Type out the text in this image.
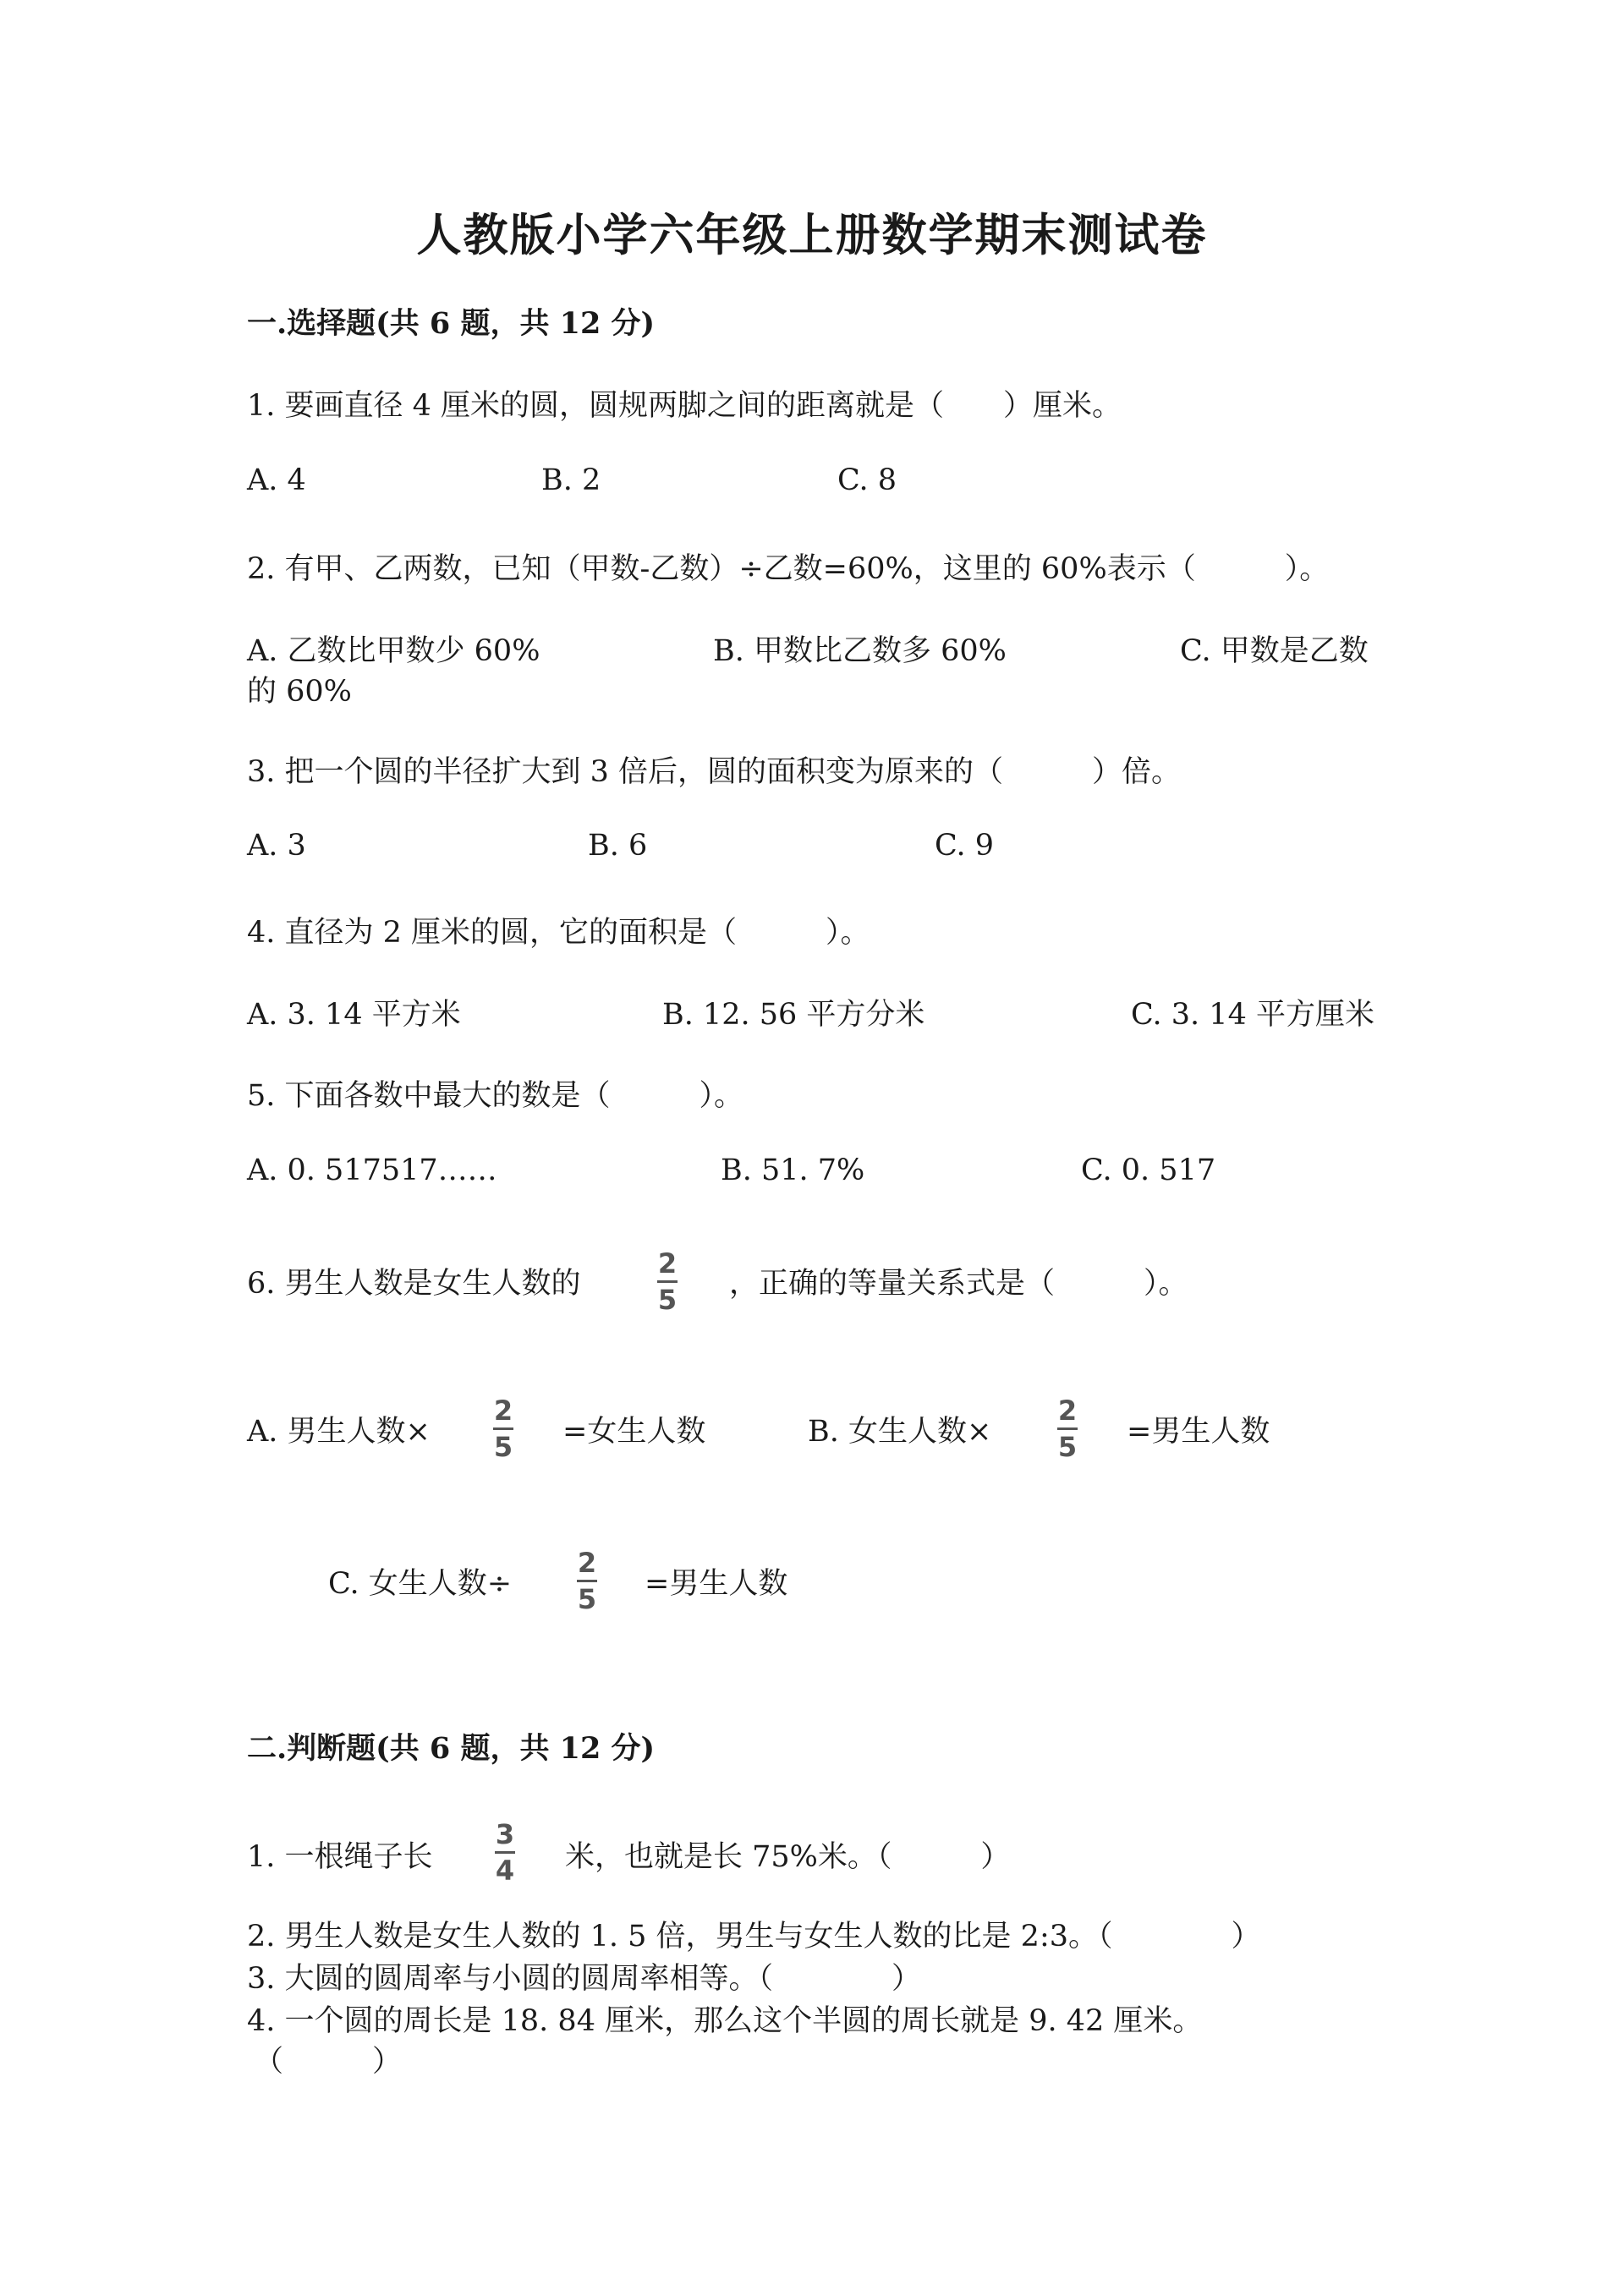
人教版小学六年级上册数学期末测试卷
一.选择题(共 6 题，共 12 分)
1. 要画直径 4 厘米的圆，圆规两脚之间的距离就是（　　）厘米。
A. 4	B. 2	C. 8
2. 有甲、乙两数，已知（甲数-乙数）÷乙数=60%，这里的 60%表示（　　　）。
A. 乙数比甲数少 60%	B. 甲数比乙数多 60%	C. 甲数是乙数
的 60%
3. 把一个圆的半径扩大到 3 倍后，圆的面积变为原来的（　　　）倍。
A. 3	B. 6	C. 9
4. 直径为 2 厘米的圆，它的面积是（　　　）。
A. 3. 14 平方米	B. 12. 56 平方分米	C. 3. 14 平方厘米
5. 下面各数中最大的数是（　　　）。
A. 0. 517517……	B. 51. 7%	C. 0. 517
6. 男生人数是女生人数的
2
5 ，正确的等量关系式是（　　　）。
A. 男生人数×
2
5 =女生人数	B. 女生人数×
2
5 =男生人数
C. 女生人数÷
2
5 =男生人数
二.判断题(共 6 题，共 12 分)
1. 一根绳子长
3
4 米，也就是长 75%米。（　　　）
2. 男生人数是女生人数的 1. 5 倍，男生与女生人数的比是 2:3。（　　　　）
3. 大圆的圆周率与小圆的圆周率相等。（　　　　）
4. 一个圆的周长是 18. 84 厘米，那么这个半圆的周长就是 9. 42 厘米。
（　　　）
